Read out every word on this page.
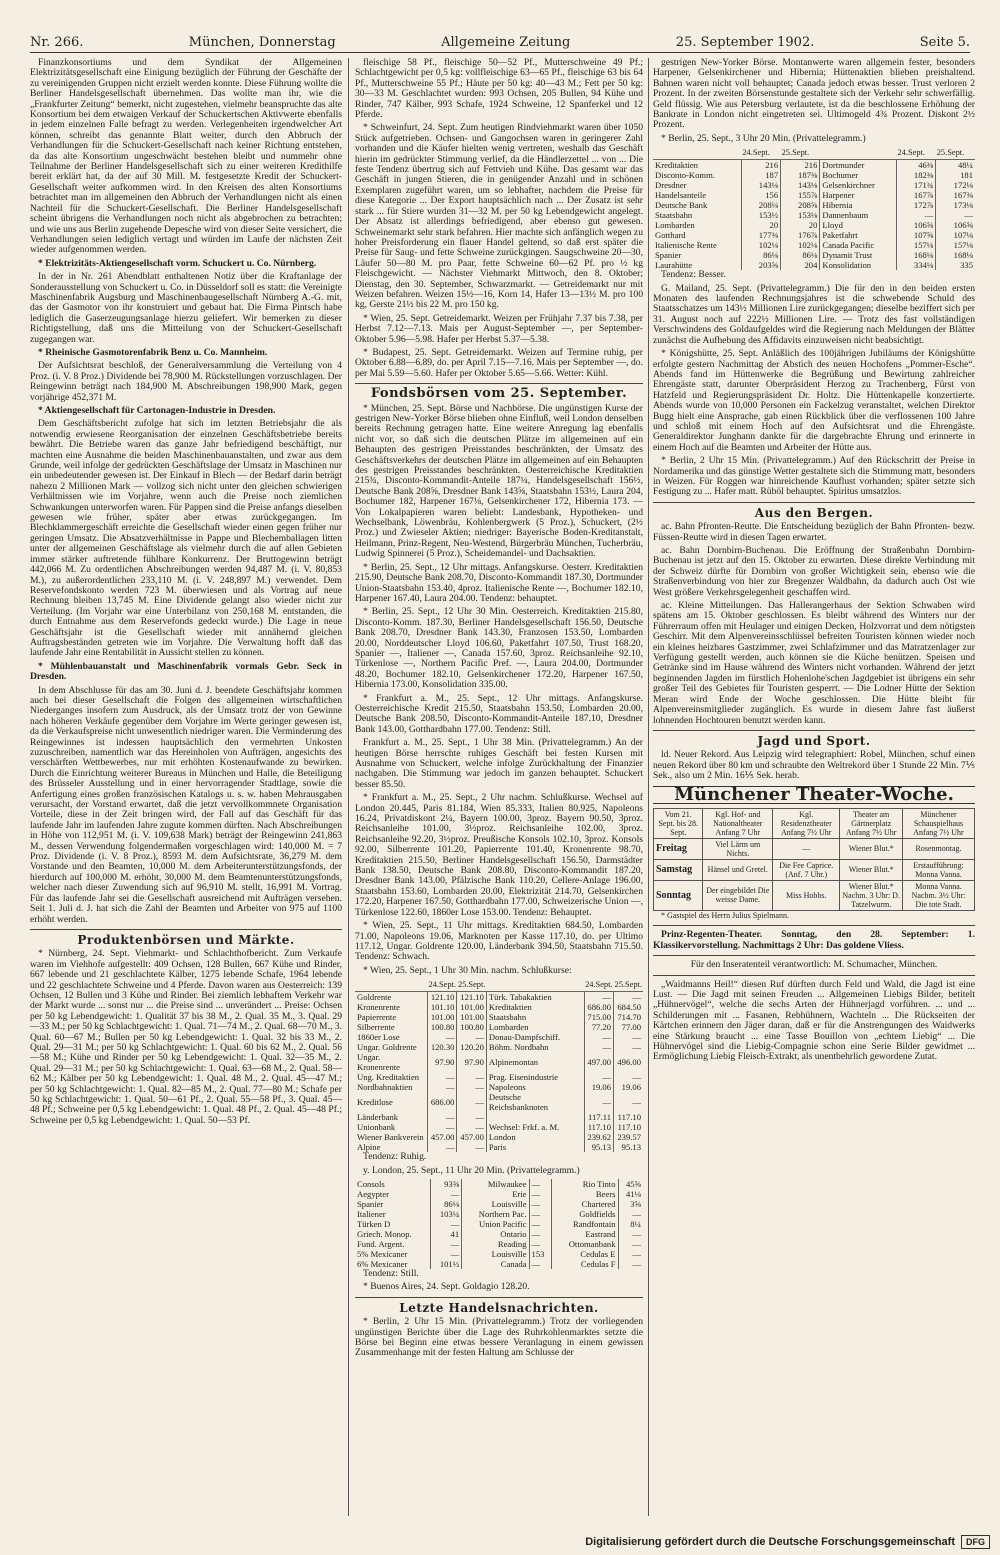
Nr. 266.	München, Donnerstag	Allgemeine Zeitung	25. September 1902.	Seite 5.

Finanzkonsortiums und dem Syndikat der Allgemeinen Elektrizitätsgesellschaft eine Einigung bezüglich der Führung der Geschäfte der zu vereinigenden Gruppen nicht erzielt werden konnte. Diese Führung wollte die Berliner Handelsgesellschaft übernehmen. Das wollte man ihr, wie die „Frankfurter Zeitung“ bemerkt, nicht zugestehen, vielmehr beanspruchte das alte Konsortium bei dem etwaigen Verkauf der Schuckertschen Aktivwerte ebenfalls in jedem einzelnen Falle befragt zu werden. Verlegenheiten irgendwelcher Art können, schreibt das genannte Blatt weiter, durch den Abbruch der Verhandlungen für die Schuckert-Gesellschaft nach keiner Richtung entstehen, da das alte Konsortium ungeschwächt bestehen bleibt und nummehr ohne Teilnahme der Berliner Handelsgesellschaft sich zu einer weiteren Kredithilfe bereit erklärt hat, da der auf 30 Mill. M. festgesetzte Kredit der Schuckert-Gesellschaft weiter aufkommen wird. In den Kreisen des alten Konsortiums betrachtet man im allgemeinen den Abbruch der Verhandlungen nicht als einen Nachteil für die Schuckert-Gesellschaft. Die Berliner Handelsgesellschaft scheint übrigens die Verhandlungen noch nicht als abgebrochen zu betrachten; und wie uns aus Berlin zugehende Depesche wird von dieser Seite versichert, die Verhandlungen seien lediglich vertagt und würden im Laufe der nächsten Zeit wieder aufgenommen werden.

* Elektrizitäts-Aktiengesellschaft vorm. Schuckert u. Co. Nürnberg.

In der in Nr. 261 Abendblatt enthaltenen Notiz über die Kraftanlage der Sonderausstellung von Schuckert u. Co. in Düsseldorf soll es statt: die Vereinigte Maschinenfabrik Augsburg und Maschinenbaugesellschaft Nürnberg A.-G. mit, das der Gasmotor von ihr konstruiert und gebaut hat. Die Firma Pintsch habe lediglich die Gaserzeugungsanlage hierzu geliefert. Wir bemerken zu dieser Richtigstellung, daß uns die Mitteilung von der Schuckert-Gesellschaft zugegangen war.

* Rheinische Gasmotorenfabrik Benz u. Co. Mannheim.

Der Aufsichtsrat beschloß, der Generalversammlung die Verteilung von 4 Proz. (i. V. 8 Proz.) Dividende bei 78,900 M. Rückstellungen vorzuschlagen. Der Reingewinn beträgt nach 184,900 M. Abschreibungen 198,900 Mark, gegen vorjährige 452,371 M.

* Aktiengesellschaft für Cartonagen-Industrie in Dresden.

Dem Geschäftsbericht zufolge hat sich im letzten Betriebsjahr die als notwendig erwiesene Reorganisation der einzelnen Geschäftsbetriebe bereits bewährt. Die Betriebe waren das ganze Jahr befriedigend beschäftigt, nur machten eine Ausnahme die beiden Maschinenbauanstalten, und zwar aus dem Grunde, weil infolge der gedrückten Geschäftslage der Umsatz in Maschinen nur ein unbedeutender gewesen ist. Der Einkauf in Blech — der Bedarf darin beträgt nahezu 2 Millionen Mark — vollzog sich nicht unter den gleichen schwierigen Verhältnissen wie im Vorjahre, wenn auch die Preise noch ziemlichen Schwankungen unterworfen waren. Für Pappen sind die Preise anfangs dieselben gewesen wie früher, später aber etwas zurückgegangen. Im Blechklammergeschäft erreichte die Gesellschaft wieder einen gegen früher nur geringen Umsatz. Die Absatzverhältnisse in Pappe und Blechemballagen litten unter der allgemeinen Geschäftslage als vielmehr durch die auf allen Gebieten immer stärker auftretende fühlbare Konkurrenz. Der Bruttogewinn beträgt 442,066 M. Zu ordentlichen Abschreibungen werden 94,487 M. (i. V. 80,853 M.), zu außerordentlichen 233,110 M. (i. V. 248,897 M.) verwendet. Dem Reservefondskonto werden 723 M. überwiesen und als Vortrag auf neue Rechnung bleiben 13,745 M. Eine Dividende gelangt also wieder nicht zur Verteilung. (Im Vorjahr war eine Unterbilanz von 250,168 M. entstanden, die durch Entnahme aus dem Reservefonds gedeckt wurde.) Die Lage in neue Geschäftsjahr ist die Gesellschaft wieder mit annähernd gleichen Auftragsbeständen getreten wie im Vorjahre. Die Verwaltung hofft daß das laufende Jahr eine Rentabilität in Aussicht stellen zu können.

* Mühlenbauanstalt und Maschinenfabrik vormals Gebr. Seck in Dresden.

In dem Abschlusse für das am 30. Juni d. J. beendete Geschäftsjahr kommen auch bei dieser Gesellschaft die Folgen des allgemeinen wirtschaftlichen Niederganges insofern zum Ausdruck, als der Umsatz trotz der von Gewinne nach höheren Verkäufe gegenüber dem Vorjahre im Werte geringer gewesen ist, da die Verkaufspreise nicht unwesentlich niedriger waren. Die Verminderung des Reingewinnes ist indessen hauptsächlich den vermehrten Unkosten zuzuschreiben, namentlich war das Hereinholen von Aufträgen, angesichts des verschärften Wettbewerbes, nur mit erhöhten Kostenaufwande zu bewirken. Durch die Einrichtung weiterer Bureaus in München und Halle, die Beteiligung des Brüsseler Ausstellung und in einer hervorragender Stadtlage, sowie die Anfertigung eines großen französischen Katalogs u. s. w. haben Mehrausgaben verursacht, der Vorstand erwartet, daß die jetzt vervollkommnete Organisation Vorteile, diese in der Zeit bringen wird, der Fall auf das Geschäft für das laufende Jahr im laufenden Jahre zugute kommen dürften. Nach Abschreibungen in Höhe von 112,951 M. (i. V. 109,638 Mark) beträgt der Reingewinn 241,863 M., dessen Verwendung folgendermaßen vorgeschlagen wird: 140,000 M. = 7 Proz. Dividende (i. V. 8 Proz.), 8593 M. dem Aufsichtsrate, 36,279 M. dem Vorstande und den Beamten, 10,000 M. dem Arbeiterunterstützungsfonds, der hierdurch auf 100,000 M. erhöht, 30,000 M. dem Beamtenunterstützungsfonds, welcher nach dieser Zuwendung sich auf 96,910 M. stellt, 16,991 M. Vortrag. Für das laufende Jahr sei die Gesellschaft ausreichend mit Aufträgen versehen. Seit 1. Juli d. J. hat sich die Zahl der Beamten und Arbeiter von 975 auf 1100 erhöht werden.

Produktenbörsen und Märkte.

* Nürnberg, 24. Sept. Viehmarkt- und Schlachthofbericht. Zum Verkaufe waren im Viehhofe aufgestellt: 409 Ochsen, 128 Bullen, 667 Kühe und Rinder, 667 lebende und 21 geschlachtete Kälber, 1275 lebende Schafe, 1964 lebende und 22 geschlachtete Schweine und 4 Pferde. Davon waren aus Oesterreich: 139 Ochsen, 12 Bullen und 3 Kühe und Rinder. Bei ziemlich lebhaftem Verkehr war der Markt wurde ... sonst nur ... die Preise sind ... unverändert ... Preise: Ochsen per 50 kg Lebendgewicht: 1. Qualität 37 bis 38 M., 2. Qual. 35 M., 3. Qual. 29—33 M.; per 50 kg Schlachtgewicht: 1. Qual. 71—74 M., 2. Qual. 68—70 M., 3. Qual. 60—67 M.; Bullen per 50 kg Lebendgewicht: 1. Qual. 32 bis 33 M., 2. Qual. 29—31 M.; per 50 kg Schlachtgewicht: 1. Qual. 60 bis 62 M., 2. Qual. 56—58 M.; Kühe und Rinder per 50 kg Lebendgewicht: 1. Qual. 32—35 M., 2. Qual. 29—31 M.; per 50 kg Schlachtgewicht: 1. Qual. 63—68 M., 2. Qual. 58—62 M.; Kälber per 50 kg Lebendgewicht: 1. Qual. 48 M., 2. Qual. 45—47 M.; per 50 kg Schlachtgewicht: 1. Qual. 82—85 M., 2. Qual. 77—80 M.; Schafe per 50 kg Schlachtgewicht: 1. Qual. 50—61 Pf., 2. Qual. 55—58 Pf., 3. Qual. 45—48 Pf.; Schweine per 0,5 kg Lebendgewicht: 1. Qual. 48 Pf., 2. Qual. 45—48 Pf.; Schweine per 0,5 kg Lebendgewicht: 1. Qual. 50—53 Pf.

fleischige 58 Pf., fleischige 50—52 Pf., Mutterschweine 49 Pf.; Schlachtgewicht per 0,5 kg: vollfleischige 63—65 Pf., fleischige 63 bis 64 Pf., Mutterschweine 55 Pf.; Häute per 50 kg: 40—43 M.; Fett per 50 kg: 30—33 M. Geschlachtet wurden: 993 Ochsen, 205 Bullen, 94 Kühe und Rinder, 747 Kälber, 993 Schafe, 1924 Schweine, 12 Spanferkel und 12 Pferde.

* Schweinfurt, 24. Sept. Zum heutigen Rindviehmarkt waren über 1050 Stück aufgetrieben. Ochsen- und Gangochsen waren in geringerer Zahl vorhanden und die Käufer hielten wenig vertreten, weshalb das Geschäft hierin im gedrückter Stimmung verlief, da die Händlerzettel ... von ... Die feste Tendenz übertrug sich auf Fettvieh und Kühe. Das gesamt war das Geschäft in jungen Stieren, die in genügender Anzahl und in schönen Exemplaren zugeführt waren, um so lebhafter, nachdem die Preise für diese Kategorie ... Der Export hauptsächlich nach ... Der Zusatz ist sehr stark ... für Stiere wurden 31—32 M. per 50 kg Lebendgewicht angelegt. Der Absatz ist allerdings befriedigend, aber ebenso gut gewesen. Schweinemarkt sehr stark befahren. Hier machte sich anfänglich wegen zu hoher Preisforderung ein flauer Handel geltend, so daß erst später die Preise für Saug- und fette Schweine zurückgingen. Saugschweine 20—30, Läufer 50—80 M. pro Paar, fette Schweine 60—62 Pf. pro ½ kg Fleischgewicht. — Nächster Viehmarkt Mittwoch, den 8. Oktober; Dienstag, den 30. September, Schwarzmarkt. — Getreidemarkt nur mit Weizen befahren. Weizen 15½—16, Korn 14, Hafer 13—13½ M. pro 100 kg, Gerste 21½ bis 22 M. pro 150 kg.

* Wien, 25. Sept. Getreidemarkt. Weizen per Frühjahr 7.37 bis 7.38, per Herbst 7.12—7.13. Mais per August-September —, per September-Oktober 5.96—5.98. Hafer per Herbst 5.37—5.38.

* Budapest, 25. Sept. Getreidemarkt. Weizen auf Termine ruhig, per Oktober 6.88—6.89, do. per April 7.15—7.16. Mais per September —, do. per Mai 5.59—5.60. Hafer per Oktober 5.65—5.66. Wetter: Kühl.

Fondsbörsen vom 25. September.

* München, 25. Sept. Börse und Nachbörse. Die ungünstigen Kurse der gestrigen New-Yorker Börse blieben ohne Einfluß, weil London denselben bereits Rechnung getragen hatte. Eine weitere Anregung lag ebenfalls nicht vor, so daß sich die deutschen Plätze im allgemeinen auf ein Behaupten des gestrigen Preisstandes beschränkten, der Umsatz des Geschäftsverkehrs der deutschen Plätze im allgemeinen auf ein Behaupten des gestrigen Preisstandes beschränkten. Oesterreichische Kreditaktien 215¾, Disconto-Kommandit-Anteile 187¼, Handelsgesellschaft 156½, Deutsche Bank 208⅝, Dresdner Bank 143⅝, Staatsbahn 153½, Laura 204, Bochumer 182, Harpener 167⅛, Gelsenkirchener 172, Hibernia 173. — Von Lokalpapieren waren beliebt: Landesbank, Hypotheken- und Wechselbank, Löwenbräu, Kohlenbergwerk (5 Proz.), Schuckert, (2½ Proz.) und Zwieseler Aktien; niedriger: Bayerische Boden-Kreditanstalt, Heilmann, Prinz-Regent, Neu-Westend, Bürgerbräu München, Tucherbräu, Ludwig Spinnerei (5 Proz.), Scheidemandel- und Dachsaktien.

* Berlin, 25. Sept., 12 Uhr mittags. Anfangskurse. Oesterr. Kreditaktien 215.90, Deutsche Bank 208.70, Disconto-Kommandit 187.30, Dortmunder Union-Staatsbahn 153.40, 4proz. Italienische Rente —, Bochumer 182.10, Harpener 167.40, Laura 204.00. Tendenz: behauptet.

* Berlin, 25. Sept., 12 Uhr 30 Min. Oesterreich. Kreditaktien 215.80, Disconto-Komm. 187.30, Berliner Handelsgesellschaft 156.50, Deutsche Bank 208.70, Dresdner Bank 143.30, Franzosen 153.50, Lombarden 20.00, Norddeutscher Lloyd 106.60, Paketfahrt 107.50, Trust 168.20, Spanier —, Italiener —, Canada 157.60, 3proz. Reichsanleihe 92.10, Türkenlose —, Northern Pacific Pref. —, Laura 204.00, Dortmunder 48.20, Bochumer 182.10, Gelsenkirchener 172.20, Harpener 167.50, Hibernia 173.00, Konsolidation 335.00.

* Frankfurt a. M., 25. Sept., 12 Uhr mittags. Anfangskurse. Oesterreichische Kredit 215.50, Staatsbahn 153.50, Lombarden 20.00, Deutsche Bank 208.50, Disconto-Kommandit-Anteile 187.10, Dresdner Bank 143.00, Gotthardbahn 177.00. Tendenz: Still.

Frankfurt a. M., 25. Sept., 1 Uhr 38 Min. (Privattelegramm.) An der heutigen Börse herrschte ruhiges Geschäft bei festen Kursen mit Ausnahme von Schuckert, welche infolge Zurückhaltung der Finanzier nachgaben. Die Stimmung war jedoch im ganzen behauptet. Schuckert besser 85.50.

* Frankfurt a. M., 25. Sept., 2 Uhr nachm. Schlußkurse. Wechsel auf London 20.445, Paris 81.184, Wien 85.333, Italien 80.925, Napoleons 16.24, Privatdiskont 2¼, Bayern 100.00, 3proz. Bayern 90.50, 3proz. Reichsanleihe 101.00, 3½proz. Reichsanleihe 102.00, 3proz. Reichsanleihe 92.20, 3½proz. Preußische Konsols 102.10, 3proz. Konsols 92.00, Silberrente 101.20, Papierrente 101.40, Kronenrente 98.70, Kreditaktien 215.50, Berliner Handelsgesellschaft 156.50, Darmstädter Bank 138.50, Deutsche Bank 208.80, Disconto-Kommandit 187.20, Dresdner Bank 143.00, Pfälzische Bank 110.20, Cellere-Anlage 196.00, Staatsbahn 153.60, Lombarden 20.00, Elektrizität 214.70, Gelsenkirchen 172.20, Harpener 167.50, Gotthardbahn 177.00, Schweizerische Union —, Türkenlose 122.60, 1860er Lose 153.00. Tendenz: Behauptet.

* Wien, 25. Sept., 11 Uhr mittags. Kreditaktien 684.50, Lombarden 71.00, Napoleons 19.06, Marknoten per Kasse 117.10, do. per Ultimo 117.12, Ungar. Goldrente 120.00, Länderbank 394.50, Staatsbahn 715.50. Tendenz: Schwach.

* Wien, 25. Sept., 1 Uhr 30 Min. nachm. Schlußkurse:

	24.Sept.	25.Sept.		24.Sept.	25.Sept.
Goldrente	121.10	121.10	Türk. Tabakaktien	—	—
Kronenrente	101.10	101.00	Kreditaktien	686.00	684.50
Papierrente	101.00	101.00	Staatsbahn	715.00	714.70
Silberrente	100.80	100.80	Lombarden	77.20	77.00
1860er Lose	—	—	Donau-Dampfschiff.	—	—
Ungar. Goldrente	120.30	120.20	Böhm. Nordbahn	—	—
Ungar. Kronenrente	97.90	97.90	Alpinemontan	497.00	496.00
Ung. Kreditaktien	—	—	Prag. Eisenindustrie	—	—
Nordbahnaktien	—	—	Napoleons	19.06	19.06
Kreditlose	686.00	—	Deutsche Reichsbanknoten	—	—
Länderbank	—	—		117.11	117.10
Unionbank	—	—	Wechsel: Frkf. a. M.	117.10	117.10
Wiener Bankverein	457.00	457.00	London	239.62	239.57
Alpine	—	—	Paris	95.13	95.13

Tendenz: Ruhig.

y. London, 25. Sept., 11 Uhr 20 Min. (Privattelegramm.)

Consols	93⅝	Milwaukee	—	Rio Tinto	45⅝
Aegypter	—	Erie	—	Beers	41⅛
Spanier	86⅛	Louisville	—	Chartered	3⅝
Italiener	103¼	Northern Pac.	—	Goldfields	—
Türken D	—	Union Pacific	—	Randfontain	8¼
Griech. Monop.	41	Ontario	—	Eastrand	—
Fund. Argent.	—	Reading	—	Ottomanbank	—
5% Mexicaner	—	Louisville	153	Cedulas E	—
6% Mexicaner	101½	Canada	—	Cedulas F	—

Tendenz: Still.

* Buenos Aires, 24. Sept. Goldagio 128.20.

Letzte Handelsnachrichten.

* Berlin, 2 Uhr 15 Min. (Privattelegramm.) Trotz der vorliegenden ungünstigen Berichte über die Lage des Ruhrkohlenmarktes setzte die Börse bei Beginn eine etwas bessere Veranlagung in einem gewissen Zusammenhange mit der festen Haltung am Schlusse der

gestrigen New-Yorker Börse. Montanwerte waren allgemein fester, besonders Harpener, Gelsenkirchener und Hibernia; Hüttenaktien blieben preishaltend. Bahnen waren nicht voll behauptet; Canada jedoch etwas besser. Trust verloren 2 Prozent. In der zweiten Börsenstunde gestaltete sich der Verkehr sehr schwerfällig. Geld flüssig. Wie aus Petersburg verlautete, ist da die beschlossene Erhöhung der Bankrate in London nicht eingetreten sei. Ultimogeld 4¾ Prozent. Diskont 2½ Prozent.

* Berlin, 25. Sept., 3 Uhr 20 Min. (Privattelegramm.)

	24.Sept.	25.Sept.		24.Sept.	25.Sept.
Kreditaktien	216	216	Dortmunder	46⅜	48¼
Disconto-Komm.	187	187⅜	Bochumer	182⅜	181
Dresdner	143⅛	143⅛	Gelsenkirchner	171¾	172⅛
Handelsanteile	156	155⅞	Harpener	167⅞	167⅜
Deutsche Bank	208⅛	208⅝	Hibernia	172⅞	173⅛
Staatsbahn	153½	153⅛	Dannenbaum	—	—
Lombarden	20	20	Lloyd	106⅝	106⅝
Gotthard	177⅜	176⅞	Paketfahrt	107⅝	107⅛
Italienische Rente	102⅛	102⅛	Canada Pacific	157⅛	157⅛
Spanier	86⅛	86⅛	Dynamit Trust	168⅛	168⅛
Laurahütte	203⅝	204	Konsolidation	334⅛	335

Tendenz: Besser.

G. Mailand, 25. Sept. (Privattelegramm.) Die für den in den beiden ersten Monaten des laufenden Rechnungsjahres ist die schwebende Schuld des Staatsschatzes um 143½ Millionen Lire zurückgegangen; dieselbe beziffert sich per 31. August noch auf 222½ Millionen Lire. — Trotz des fast vollständigen Verschwindens des Goldaufgeldes wird die Regierung nach Meldungen der Blätter zunächst die Aufhebung des Affidavits einzuweisen nicht beabsichtigt.

* Königshütte, 25. Sept. Anläßlich des 100jährigen Jubiläums der Königshütte erfolgte gestern Nachmittag der Abstich des neuen Hochofens „Pommer-Esche“. Abends fand im Hüttenwerke die Begrüßung und Bewirtung zahlreicher Ehrengäste statt, darunter Oberpräsident Herzog zu Trachenberg, Fürst von Hatzfeld und Regierungspräsident Dr. Holtz. Die Hüttenkapelle konzertierte. Abends wurde von 10,000 Personen ein Fackelzug veranstaltet, welchen Direktor Bugg hielt eine Ansprache, gab einen Rückblick über die verflossenen 100 Jahre und schloß mit einem Hoch auf den Aufsichtsrat und die Ehrengäste. Generaldirektor Junghann dankte für die dargebrachte Ehrung und erinnerte in einem Hoch auf die Beamten und Arbeiter der Hütte aus.

* Berlin, 2 Uhr 15 Min. (Privattelegramm.) Auf den Rückschritt der Preise in Nordamerika und das günstige Wetter gestaltete sich die Stimmung matt, besonders in Weizen. Für Roggen war hinreichende Kauflust vorhanden; später setzte sich Festigung zu ... Hafer matt. Rüböl behauptet. Spiritus umsatzlos.

Aus den Bergen.

ac. Bahn Pfronten-Reutte. Die Entscheidung bezüglich der Bahn Pfronten- bezw. Füssen-Reutte wird in diesen Tagen erwartet.

ac. Bahn Dornbirn-Buchenau. Die Eröffnung der Straßenbahn Dornbirn-Buchenau ist jetzt auf den 15. Oktober zu erwarten. Diese direkte Verbindung mit der Schweiz dürfte für Dornbirn von großer Wichtigkeit sein, ebenso wie die Straßenverbindung von hier zur Bregenzer Waldbahn, da dadurch auch Ost wie West größere Verkehrsgelegenheit geschaffen wird.

ac. Kleine Mitteilungen. Das Hallerangerhaus der Sektion Schwaben wird spätens am 15. Oktober geschlossen. Es bleibt während des Winters nur der Führerraum offen mit Heulager und einigen Decken, Holzvorrat und dem nötigsten Geschirr. Mit dem Alpenvereinsschlüssel befreiten Touristen können wieder noch ein kleines heizbares Gastzimmer, zwei Schlafzimmer und das Matratzenlager zur Verfügung gestellt werden, auch können sie die Küche benützen. Speisen und Getränke sind im Hause während des Winters nicht vorhanden. Während der jetzt beginnenden Jagden im fürstlich Hohenlohe'schen Jagdgebiet ist übrigens ein sehr großer Teil des Gebietes für Touristen gesperrt. — Die Lodner Hütte der Sektion Meran wird Ende der Woche geschlossen. Die Hütte bleibt für Alpenvereinsmitglieder zugänglich. Es wurde in diesem Jahre fast äußerst lohnenden Hochtouren benutzt werden kann.

Jagd und Sport.

ld. Neuer Rekord. Aus Leipzig wird telegraphiert: Robel, München, schuf einen neuen Rekord über 80 km und schraubte den Weltrekord über 1 Stunde 22 Min. 7⅕ Sek., also um 2 Min. 16⅕ Sek. herab.

Münchener Theater-Woche.
Vom 21. Sept. bis 28. Sept.	Kgl. Hof- und Nationaltheater Anfang 7 Uhr	Kgl. Residenztheater Anfang 7½ Uhr	Theater am Gärtnerplatz Anfang 7½ Uhr	Münchener Schauspielhaus Anfang 7½ Uhr
Freitag	Viel Lärm um Nichts.	—	Wiener Blut.*	Rosenmontag.
Samstag	Hänsel und Gretel.	Die Fee Caprice. (Anf. 7 Uhr.)	Wiener Blut.*	Erstaufführung: Monna Vanna.
Sonntag	Der eingebildet Die weisse Dame.	Miss Hobbs.	Wiener Blut.* Nachm. 3 Uhr: D. Tatzelwurm.	Monna Vanna. Nachm. 3½ Uhr: Die tote Stadt.

* Gastspiel des Herrn Julius Spielmann.

Prinz-Regenten-Theater. Sonntag, den 28. September: 1. Klassikervorstellung. Nachmittags 2 Uhr: Das goldene Vliess.

Für den Inseratenteil verantwortlich: M. Schumacher, München.

„Waidmanns Heil!“ diesen Ruf dürften durch Feld und Wald, die Jagd ist eine Lust. — Die Jagd mit seinen Freuden ... Allgemeinen Liebigs Bilder, betitelt „Hühnervögel“, welche die sechs Arten der Hühnerjagd vorführen. ... und ... Schilderungen mit ... Fasanen, Rebhühnern, Wachteln ... Die Rückseiten der Kärtchen erinnern den Jäger daran, daß er für die Anstrengungen des Waidwerks eine Stärkung braucht ... eine Tasse Bouillon von „echtem Liebig“ ... Die Hühnervögel sind die Liebig-Compagnie schon eine Serie Bilder gewidmet ... Ermöglichung Liebig Fleisch-Extrakt, als unentbehrlich gewordene Zutat.

Digitalisierung gefördert durch die Deutsche Forschungsgemeinschaft	DFG
